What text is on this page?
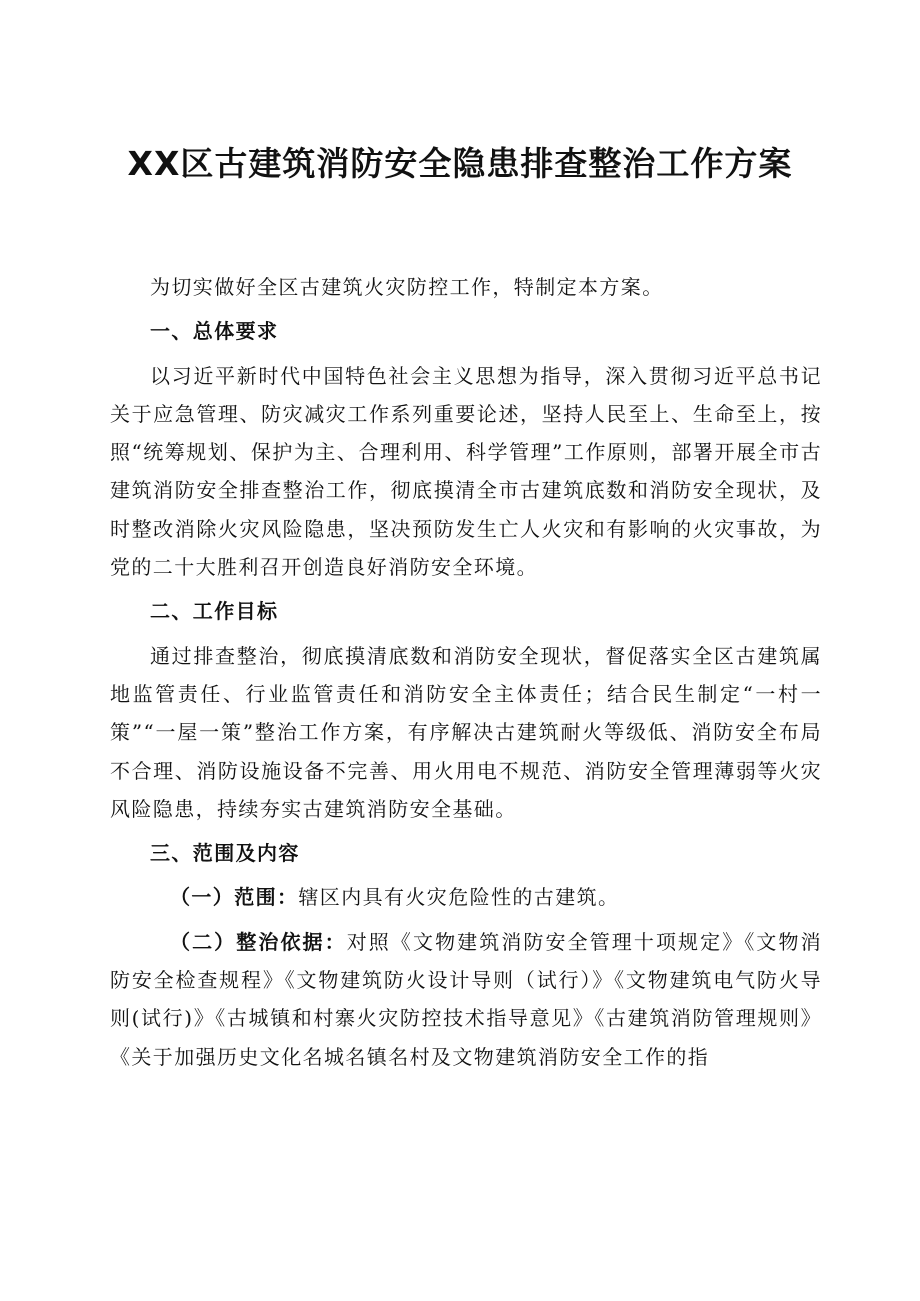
XX区古建筑消防安全隐患排查整治工作方案

为切实做好全区古建筑火灾防控工作，特制定本方案。

一、总体要求

以习近平新时代中国特色社会主义思想为指导，深入贯彻习近平总书记关于应急管理、防灾减灾工作系列重要论述，坚持人民至上、生命至上，按照“统筹规划、保护为主、合理利用、科学管理”工作原则，部署开展全市古建筑消防安全排查整治工作，彻底摸清全市古建筑底数和消防安全现状，及时整改消除火灾风险隐患，坚决预防发生亡人火灾和有影响的火灾事故，为党的二十大胜利召开创造良好消防安全环境。

二、工作目标

通过排查整治，彻底摸清底数和消防安全现状，督促落实全区古建筑属地监管责任、行业监管责任和消防安全主体责任；结合民生制定“一村一策”“一屋一策”整治工作方案，有序解决古建筑耐火等级低、消防安全布局不合理、消防设施设备不完善、用火用电不规范、消防安全管理薄弱等火灾风险隐患，持续夯实古建筑消防安全基础。

三、范围及内容

（一）范围：辖区内具有火灾危险性的古建筑。

（二）整治依据：对照《文物建筑消防安全管理十项规定》《文物消防安全检查规程》《文物建筑防火设计导则（试行）》《文物建筑电气防火导则(试行)》《古城镇和村寨火灾防控技术指导意见》《古建筑消防管理规则》《关于加强历史文化名城名镇名村及文物建筑消防安全工作的指
